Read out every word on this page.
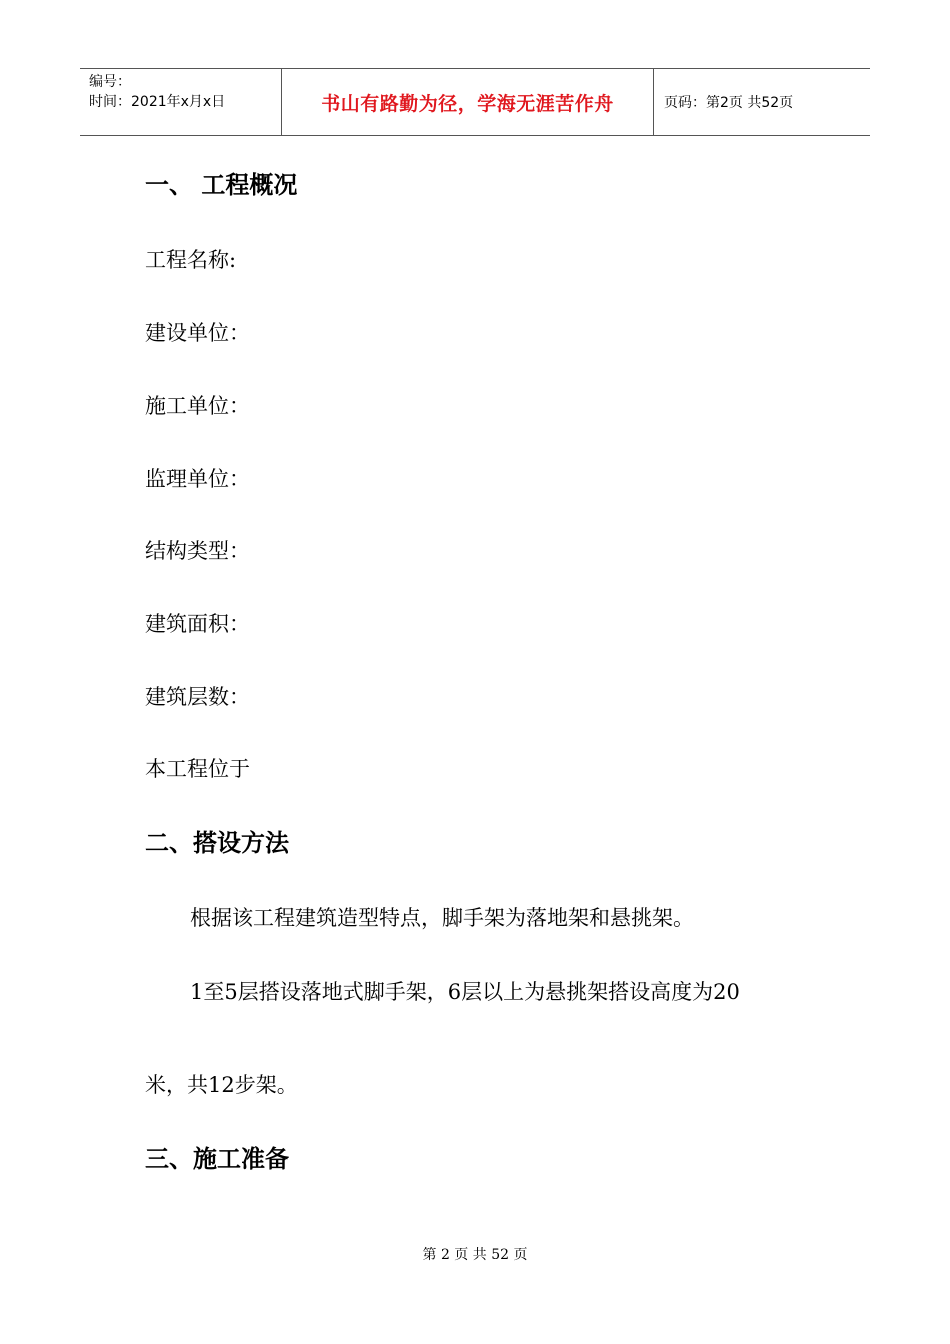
编号：
时间：2021年x月x日	书山有路勤为径，学海无涯苦作舟	页码：第2页 共52页
一、 工程概况

工程名称:

建设单位：

施工单位：

监理单位：

结构类型：

建筑面积：

建筑层数：

本工程位于

二、搭设方法

根据该工程建筑造型特点，脚手架为落地架和悬挑架。

1至5层搭设落地式脚手架，6层以上为悬挑架搭设高度为20

米，共12步架。

三、施工准备
第 2 页 共 52 页
